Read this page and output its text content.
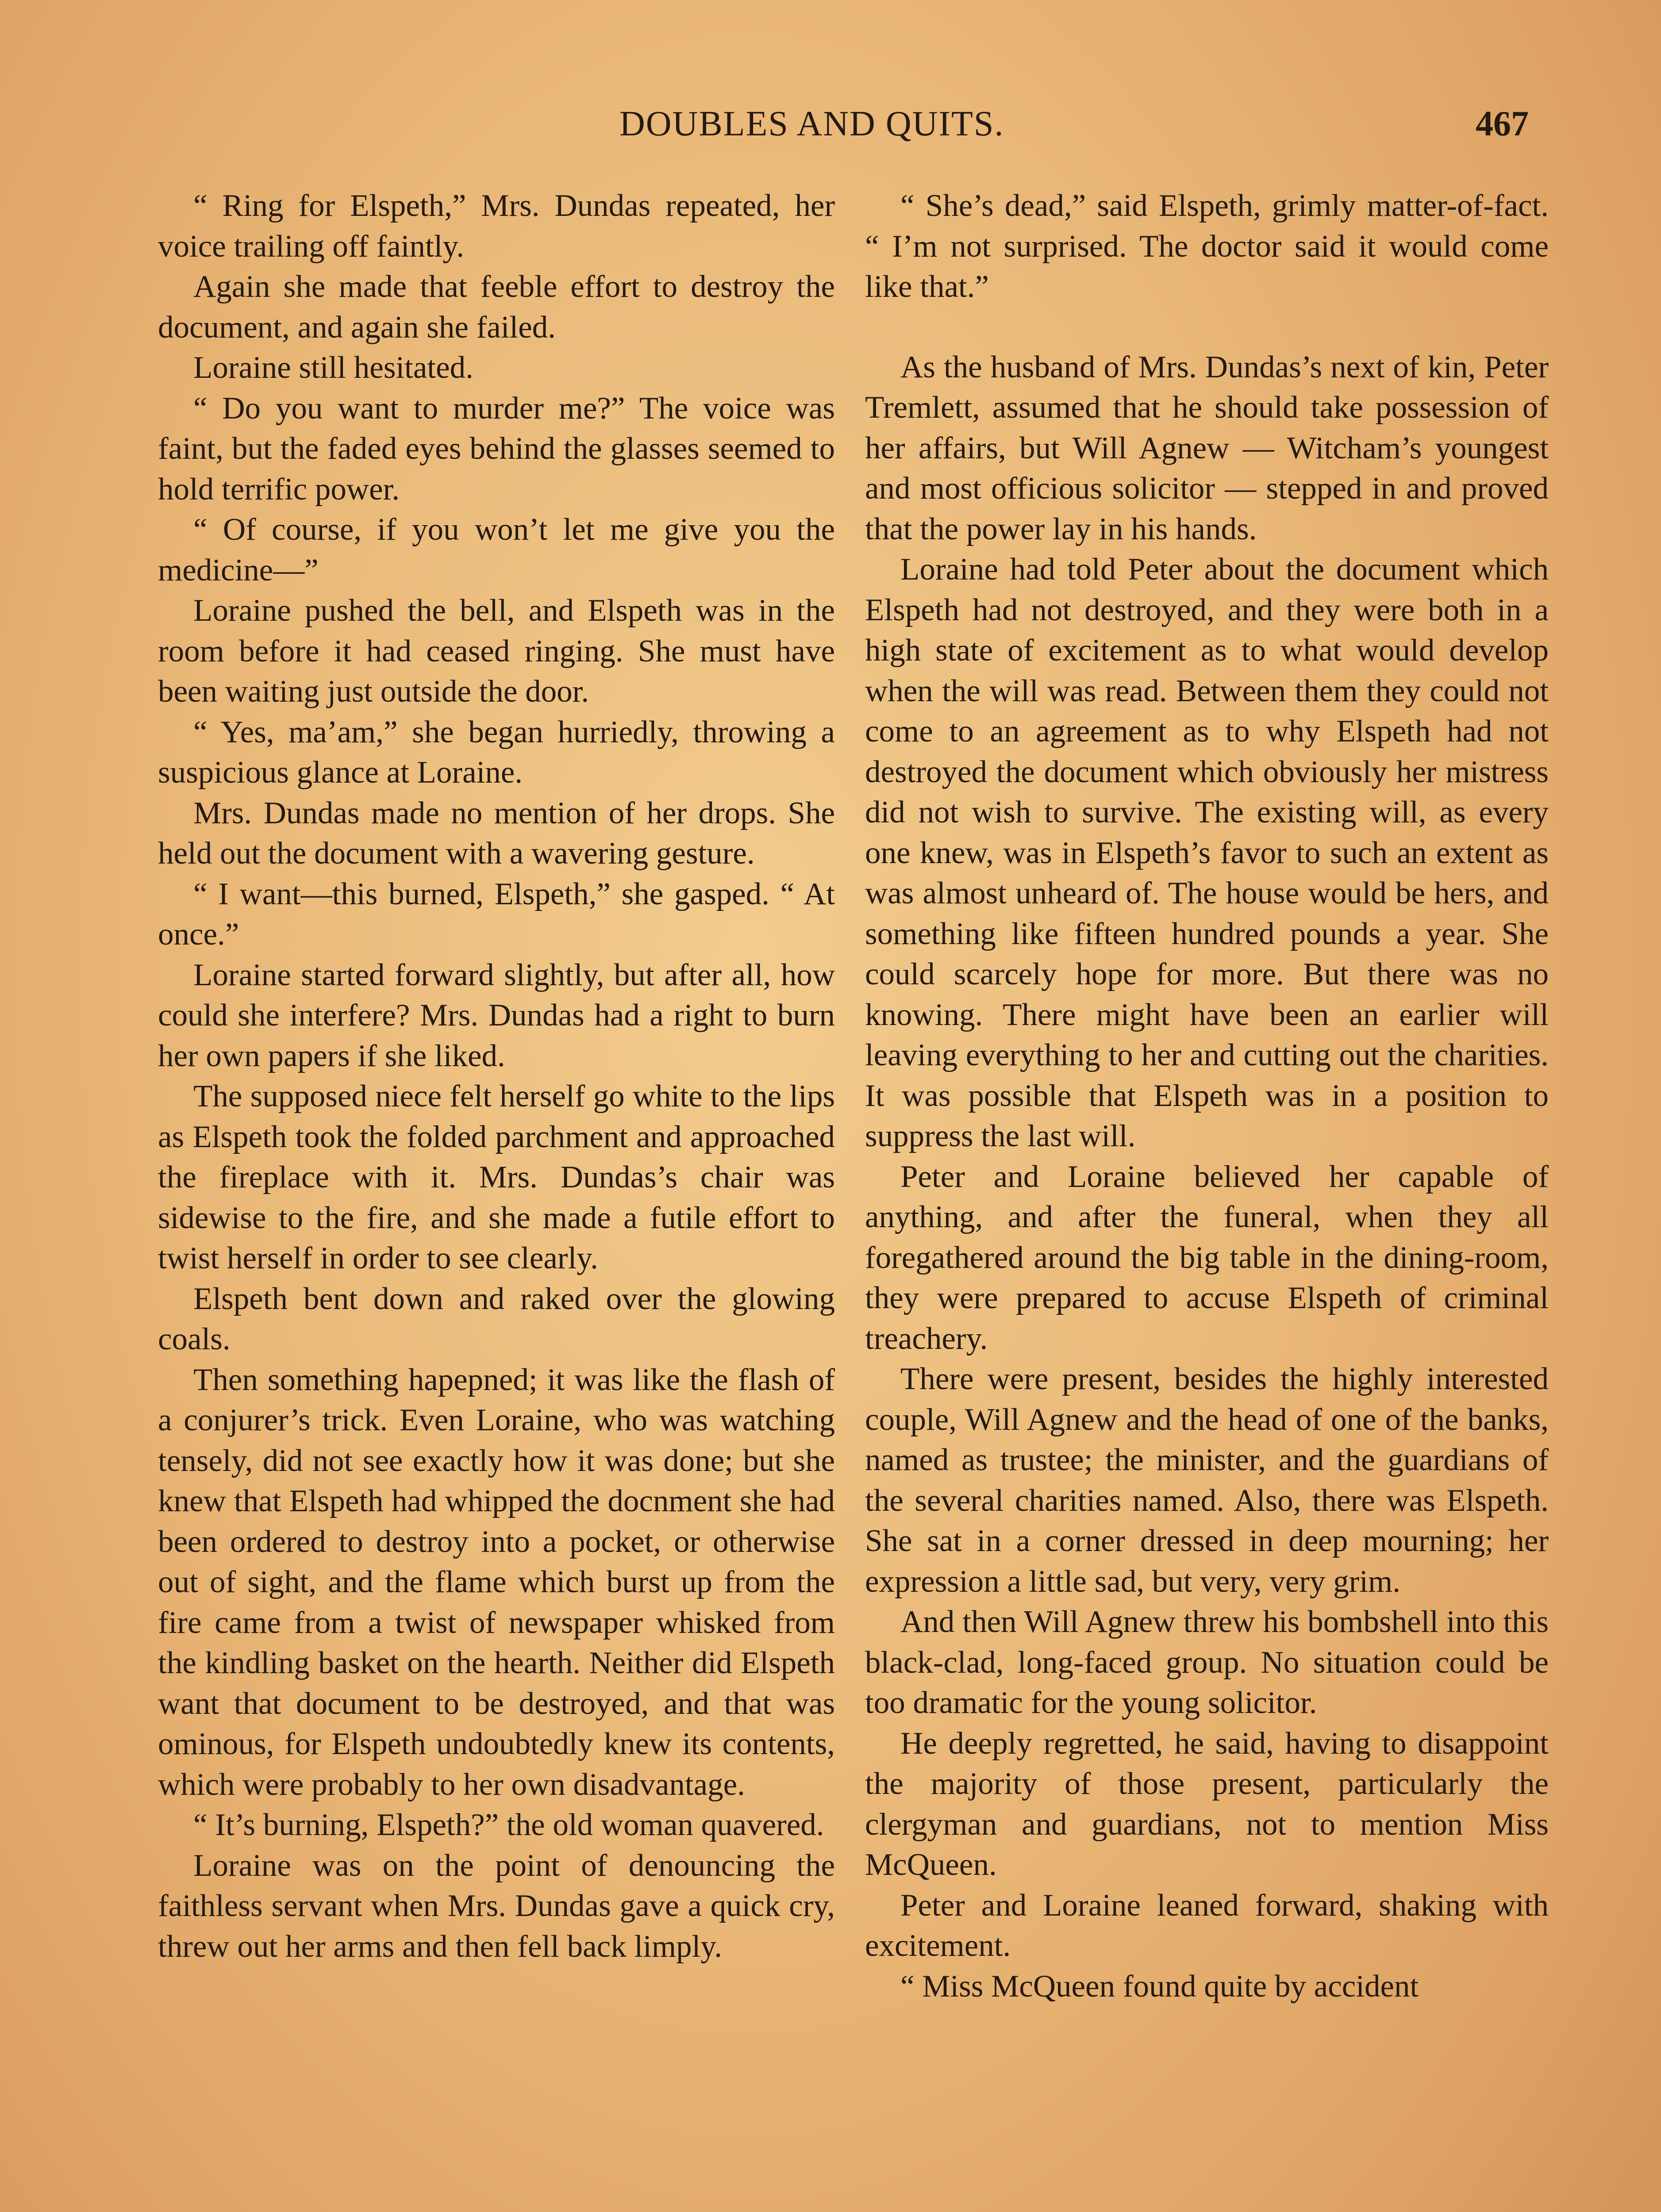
DOUBLES AND QUITS.	467

“ Ring for Elspeth,” Mrs. Dundas repeated, her voice trailing off faintly.

Again she made that feeble effort to destroy the document, and again she failed.

Loraine still hesitated.

“ Do you want to murder me?” The voice was faint, but the faded eyes behind the glasses seemed to hold terrific power.

“ Of course, if you won’t let me give you the medicine—”

Loraine pushed the bell, and Elspeth was in the room before it had ceased ringing. She must have been waiting just outside the door.

“ Yes, ma’am,” she began hurriedly, throwing a suspicious glance at Loraine.

Mrs. Dundas made no mention of her drops. She held out the document with a wavering gesture.

“ I want—this burned, Elspeth,” she gasped. “ At once.”

Loraine started forward slightly, but after all, how could she interfere? Mrs. Dundas had a right to burn her own papers if she liked.

The supposed niece felt herself go white to the lips as Elspeth took the folded parchment and approached the fireplace with it. Mrs. Dundas’s chair was sidewise to the fire, and she made a futile effort to twist herself in order to see clearly.

Elspeth bent down and raked over the glowing coals.

Then something hapepned; it was like the flash of a conjurer’s trick. Even Loraine, who was watching tensely, did not see exactly how it was done; but she knew that Elspeth had whipped the docnment she had been ordered to destroy into a pocket, or otherwise out of sight, and the flame which burst up from the fire came from a twist of newspaper whisked from the kindling basket on the hearth. Neither did Elspeth want that document to be destroyed, and that was ominous, for Elspeth undoubtedly knew its contents, which were probably to her own disadvantage.

“ It’s burning, Elspeth?” the old woman quavered.

Loraine was on the point of denouncing the faithless servant when Mrs. Dundas gave a quick cry, threw out her arms and then fell back limply.

“ She’s dead,” said Elspeth, grimly matter-of-fact. “ I’m not surprised. The doctor said it would come like that.”

As the husband of Mrs. Dundas’s next of kin, Peter Tremlett, assumed that he should take possession of her affairs, but Will Agnew — Witcham’s youngest and most officious solicitor — stepped in and proved that the power lay in his hands.

Loraine had told Peter about the document which Elspeth had not destroyed, and they were both in a high state of excitement as to what would develop when the will was read. Between them they could not come to an agreement as to why Elspeth had not destroyed the document which obviously her mistress did not wish to survive. The existing will, as every one knew, was in Elspeth’s favor to such an extent as was almost unheard of. The house would be hers, and something like fifteen hundred pounds a year. She could scarcely hope for more. But there was no knowing. There might have been an earlier will leaving everything to her and cutting out the charities. It was possible that Elspeth was in a position to suppress the last will.

Peter and Loraine believed her capable of anything, and after the funeral, when they all foregathered around the big table in the dining-room, they were prepared to accuse Elspeth of criminal treachery.

There were present, besides the highly interested couple, Will Agnew and the head of one of the banks, named as trustee; the minister, and the guardians of the several charities named. Also, there was Elspeth. She sat in a corner dressed in deep mourning; her expression a little sad, but very, very grim.

And then Will Agnew threw his bombshell into this black-clad, long-faced group. No situation could be too dramatic for the young solicitor.

He deeply regretted, he said, having to disappoint the majority of those present, particularly the clergyman and guardians, not to mention Miss McQueen.

Peter and Loraine leaned forward, shaking with excitement.

“ Miss McQueen found quite by accident
